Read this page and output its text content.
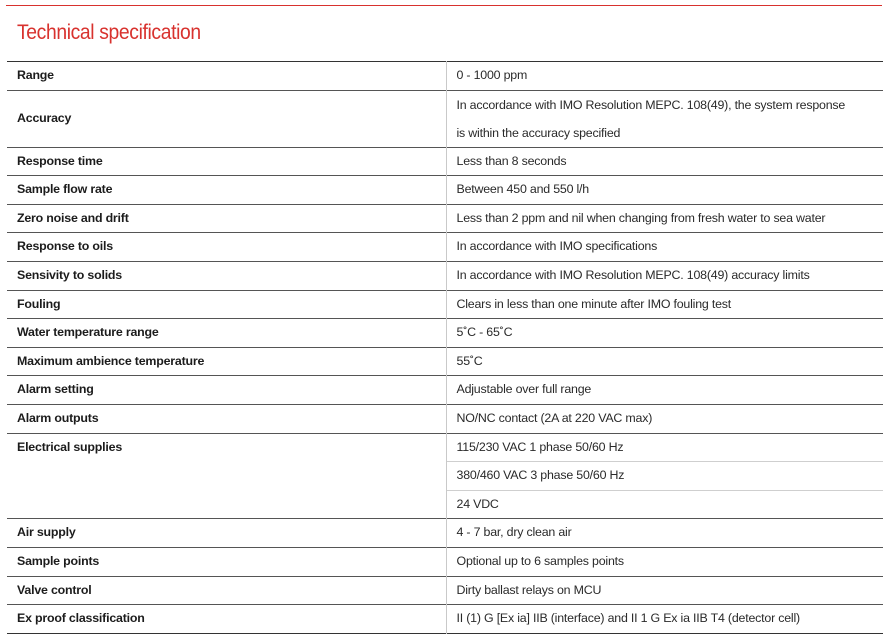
Technical specification
Range	0 - 1000 ppm
Accuracy	In accordance with IMO Resolution MEPC. 108(49), the system response
is within the accuracy specified

Response time	Less than 8 seconds
Sample flow rate	Between 450 and 550 l/h
Zero noise and drift	Less than 2 ppm and nil when changing from fresh water to sea water
Response to oils	In accordance with IMO specifications
Sensivity to solids	In accordance with IMO Resolution MEPC. 108(49) accuracy limits
Fouling	Clears in less than one minute after IMO fouling test
Water temperature range	5˚C - 65˚C
Maximum ambience temperature	55˚C
Alarm setting	Adjustable over full range
Alarm outputs	NO/NC contact (2A at 220 VAC max)
Electrical supplies	115/230 VAC 1 phase 50/60 Hz
	380/460 VAC 3 phase 50/60 Hz
	24 VDC
Air supply	4 - 7 bar, dry clean air
Sample points	Optional up to 6 samples points
Valve control	Dirty ballast relays on MCU
Ex proof classification	II (1) G [Ex ia] IIB (interface) and II 1 G Ex ia IIB T4 (detector cell)
